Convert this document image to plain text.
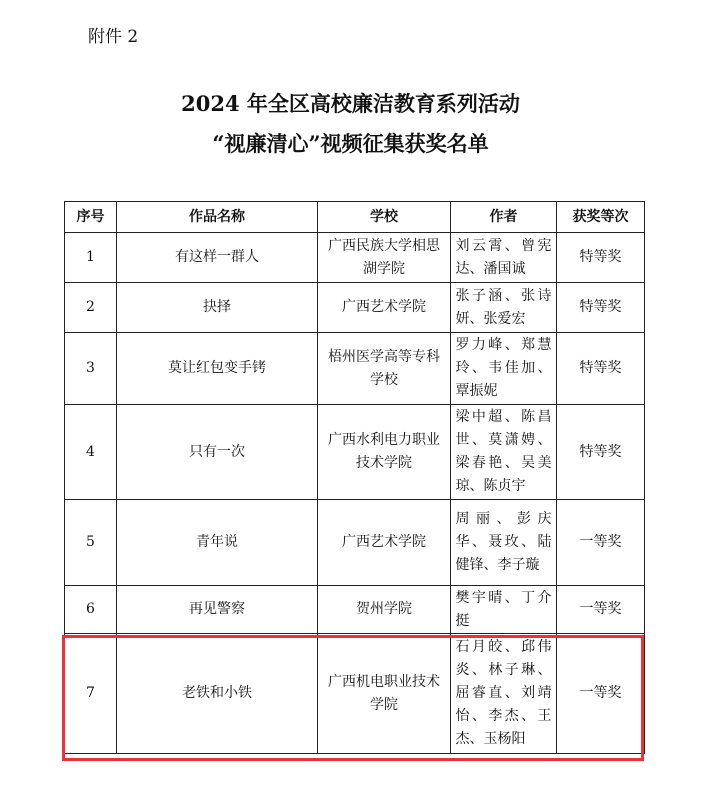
附件 2
2024 年全区高校廉洁教育系列活动
“视廉清心”视频征集获奖名单
序号	作品名称	学校	作者	获奖等次
1	有这样一群人	广西民族大学相思湖学院	刘云霄、曾宪达、潘国诚	特等奖
2	抉择	广西艺术学院	张子涵、张诗妍、张爱宏	特等奖
3	莫让红包变手铐	梧州医学高等专科学校	罗力峰、郑慧玲、韦佳加、覃振妮	特等奖
4	只有一次	广西水利电力职业技术学院	梁中超、陈昌世、莫潇娉、梁春艳、吴美琼、陈贞宇	特等奖
5	青年说	广西艺术学院	周丽、彭庆华、聂玫、陆健锋、李子璇	一等奖
6	再见警察	贺州学院	樊宇晴、丁介挺	一等奖
7	老铁和小铁	广西机电职业技术学院	石月皎、邱伟炎、林子琳、屈睿直、刘靖怡、李杰、王杰、玉杨阳	一等奖
